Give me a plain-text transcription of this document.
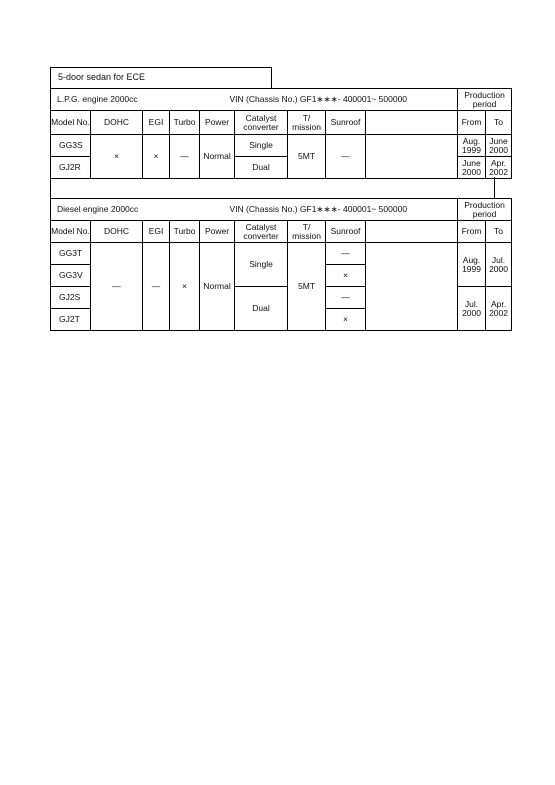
5-door sedan for ECE
L.P.G. engine 2000cc			VIN (Chassis No.) GF1∗∗∗- 400001~ 500000						Production period	
Model No.	DOHC	EGI	Turbo	Power	Catalyst converter	T/ mission	Sunroof		From	To
GG3S	×	×	—	Normal	Single	5MT	—		Aug. 1999	June 2000
GJ2R					Dual				June 2000	Apr. 2002
Diesel engine 2000cc			VIN (Chassis No.) GF1∗∗∗- 400001~ 500000						Production period	
Model No.	DOHC	EGI	Turbo	Power	Catalyst converter	T/ mission	Sunroof		From	To
GG3T	—	—	×	Normal	Single	5MT	—		Aug. 1999	Jul. 2000
GG3V							×			
GJ2S					Dual		—		Jul. 2000	Apr. 2002
GJ2T							×			
